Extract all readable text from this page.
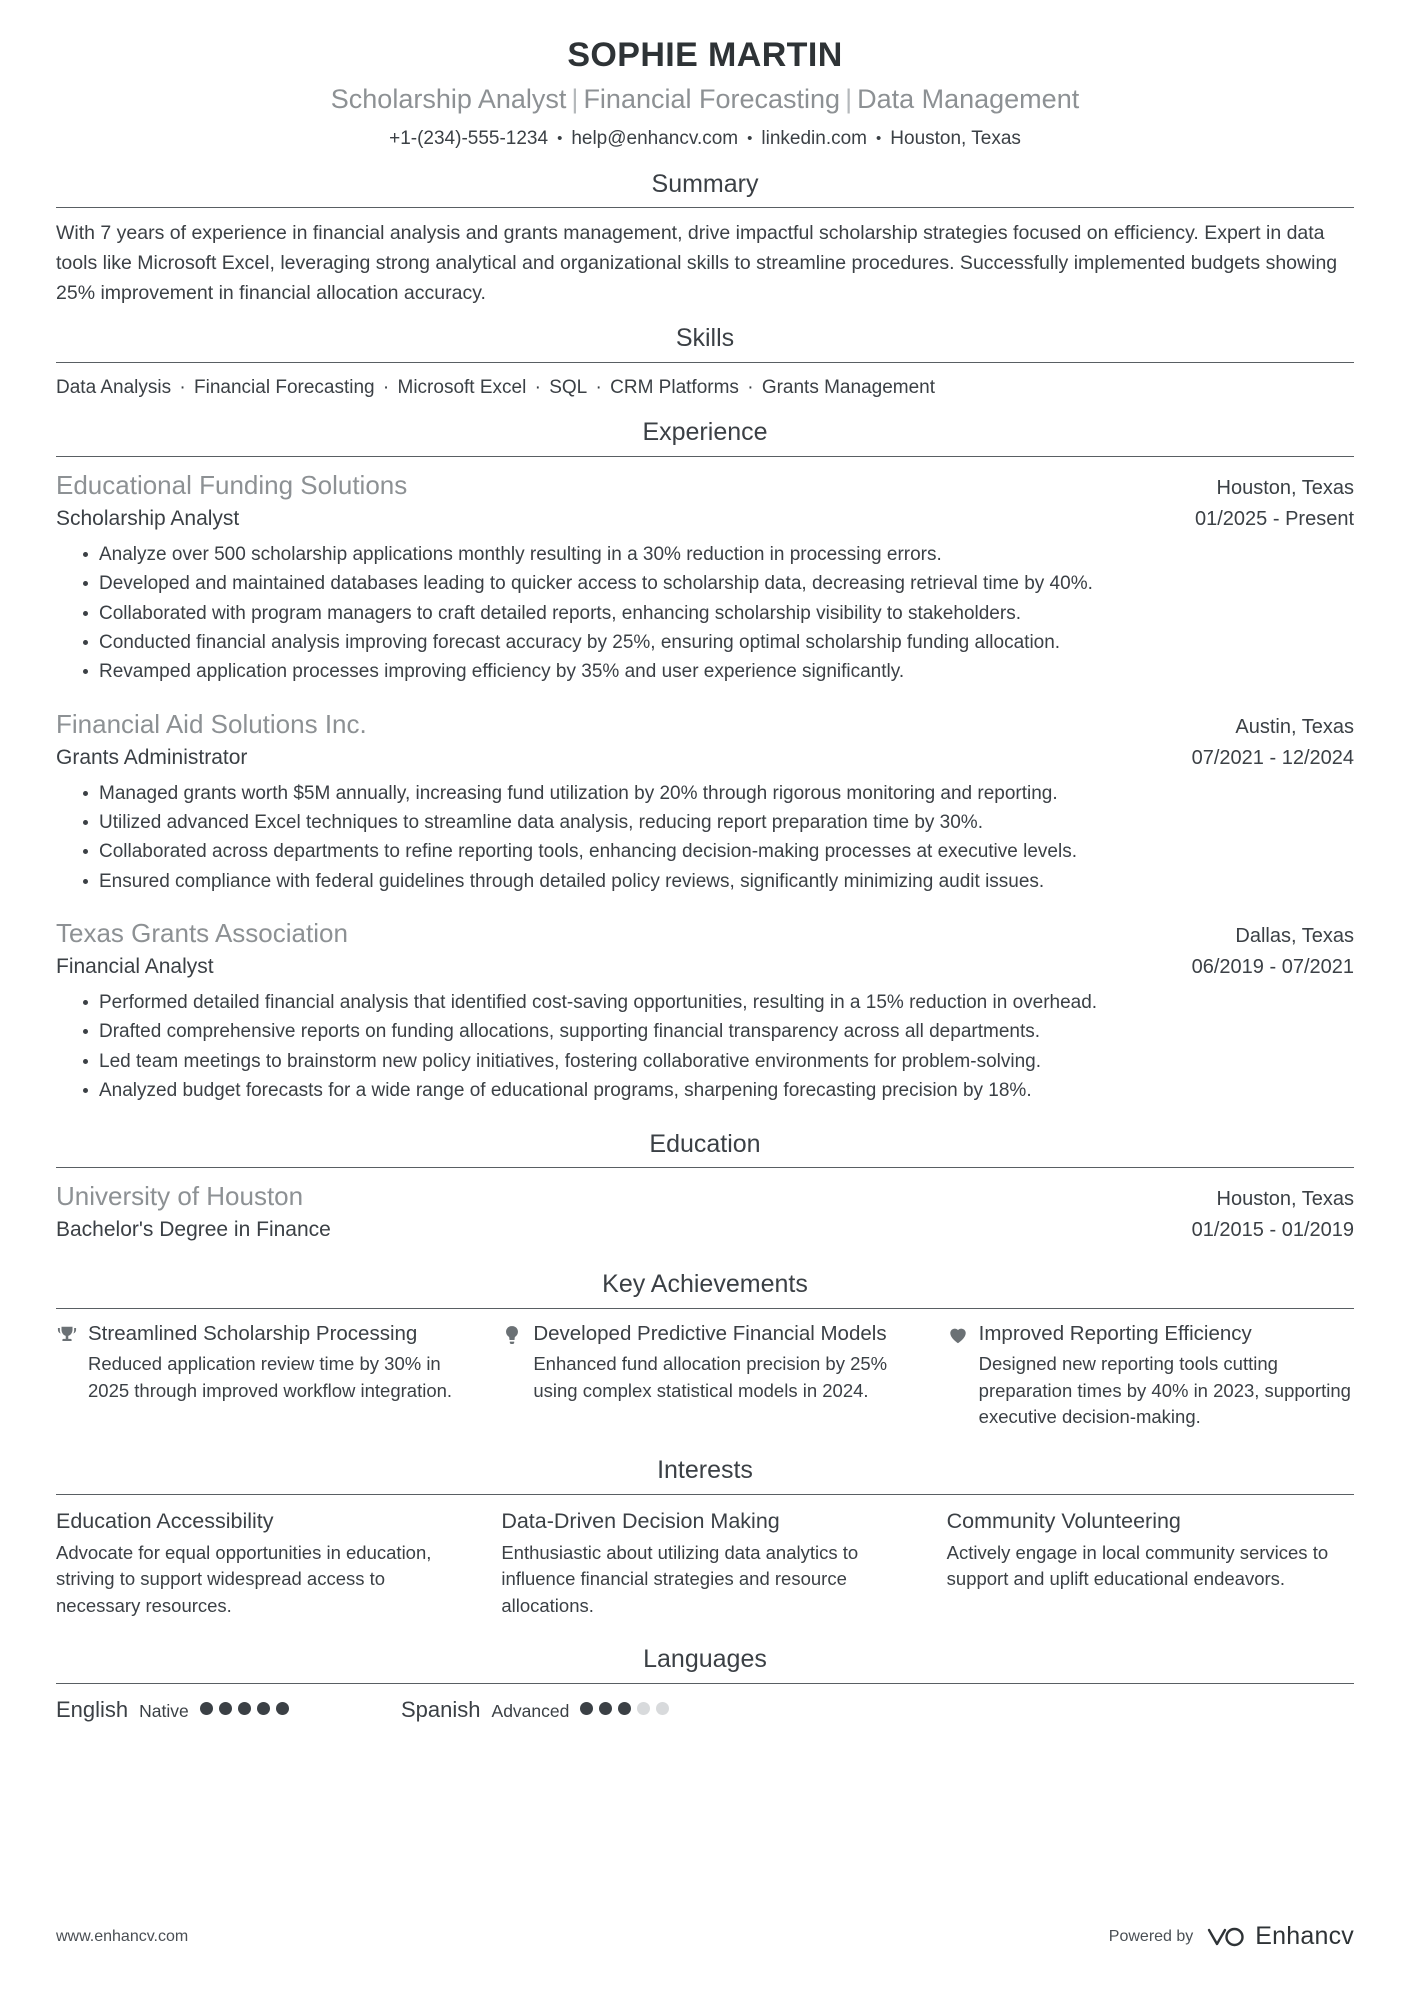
SOPHIE MARTIN
Scholarship Analyst | Financial Forecasting | Data Management
+1-(234)-555-1234 • help@enhancv.com • linkedin.com • Houston, Texas
Summary
With 7 years of experience in financial analysis and grants management, drive impactful scholarship strategies focused on efficiency. Expert in data tools like Microsoft Excel, leveraging strong analytical and organizational skills to streamline procedures. Successfully implemented budgets showing 25% improvement in financial allocation accuracy.
Skills
Data Analysis · Financial Forecasting · Microsoft Excel · SQL · CRM Platforms · Grants Management
Experience
Educational Funding Solutions	Houston, Texas
Scholarship Analyst	01/2025 - Present
Analyze over 500 scholarship applications monthly resulting in a 30% reduction in processing errors.
Developed and maintained databases leading to quicker access to scholarship data, decreasing retrieval time by 40%.
Collaborated with program managers to craft detailed reports, enhancing scholarship visibility to stakeholders.
Conducted financial analysis improving forecast accuracy by 25%, ensuring optimal scholarship funding allocation.
Revamped application processes improving efficiency by 35% and user experience significantly.
Financial Aid Solutions Inc.	Austin, Texas
Grants Administrator	07/2021 - 12/2024
Managed grants worth $5M annually, increasing fund utilization by 20% through rigorous monitoring and reporting.
Utilized advanced Excel techniques to streamline data analysis, reducing report preparation time by 30%.
Collaborated across departments to refine reporting tools, enhancing decision-making processes at executive levels.
Ensured compliance with federal guidelines through detailed policy reviews, significantly minimizing audit issues.
Texas Grants Association	Dallas, Texas
Financial Analyst	06/2019 - 07/2021
Performed detailed financial analysis that identified cost-saving opportunities, resulting in a 15% reduction in overhead.
Drafted comprehensive reports on funding allocations, supporting financial transparency across all departments.
Led team meetings to brainstorm new policy initiatives, fostering collaborative environments for problem-solving.
Analyzed budget forecasts for a wide range of educational programs, sharpening forecasting precision by 18%.
Education
University of Houston	Houston, Texas
Bachelor's Degree in Finance	01/2015 - 01/2019
Key Achievements
Streamlined Scholarship Processing
Reduced application review time by 30% in 2025 through improved workflow integration.
Developed Predictive Financial Models
Enhanced fund allocation precision by 25% using complex statistical models in 2024.
Improved Reporting Efficiency
Designed new reporting tools cutting preparation times by 40% in 2023, supporting executive decision-making.
Interests
Education Accessibility
Advocate for equal opportunities in education, striving to support widespread access to necessary resources.
Data-Driven Decision Making
Enthusiastic about utilizing data analytics to influence financial strategies and resource allocations.
Community Volunteering
Actively engage in local community services to support and uplift educational endeavors.
Languages
English Native	Spanish Advanced
www.enhancv.com	Powered by Enhancv
